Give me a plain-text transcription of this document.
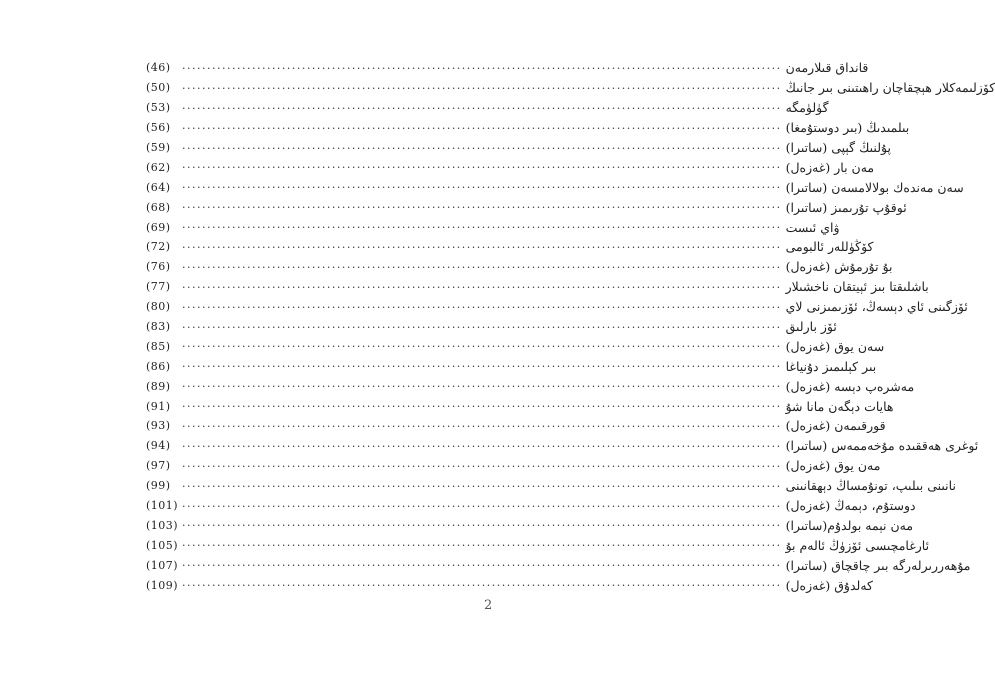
(46)	........................................................................................................................ قانداق قىلارمەن
(50)	........................................................................................................................ كۆزلىمەكلار ھېچقاچان راھىتىنى بىر جانىڭ
(53)	........................................................................................................................ گۈلۈمگە
(56)	........................................................................................................................ بىلمىدىڭ (بىر دوستۇمغا)
(59)	........................................................................................................................ پۇلنىڭ گېپى (ساتىرا)
(62)	........................................................................................................................ مەن بار (غەزەل)
(64)	........................................................................................................................ سەن مەندەك بولالامسەن (ساتىرا)
(68)	........................................................................................................................ ئوقۇپ تۇرىمىز (ساتىرا)
(69)	........................................................................................................................ ۋاي ئىست
(72)	........................................................................................................................ كۆڭۈللەر ئالبومى
(76)	........................................................................................................................ بۇ تۇرمۇش (غەزەل)
(77)	........................................................................................................................ باشلىقتا بىز ئېيتقان ناخشىلار
(80)	........................................................................................................................ ئۆزگىنى ئاي دېسەڭ، ئۆزىمىزنى لاي
(83)	........................................................................................................................ ئۆز بارلىق
(85)	........................................................................................................................ سەن يوق (غەزەل)
(86)	........................................................................................................................ بىر كېلىمىز دۇنياغا
(89)	........................................................................................................................ مەشرەپ دېسە (غەزەل)
(91)	........................................................................................................................ ھايات دېگەن مانا شۇ
(93)	........................................................................................................................ قورقىمەن (غەزەل)
(94)	........................................................................................................................ ئوغرى ھەققىدە مۇخەممەس (ساتىرا)
(97)	........................................................................................................................ مەن يوق (غەزەل)
(99)	........................................................................................................................ نانىنى بىلىپ، تونۇمساڭ دېھقانىنى
(101) ........................................................................................................................ دوستۇم، دېمەڭ (غەزەل)
(103) ........................................................................................................................ مەن نېمە بولدۇم(ساتىرا)
(105) ........................................................................................................................ ئارغامچىسى ئۆزۈڭ ئالەم بۇ
(107) ........................................................................................................................ مۇھەررىرلەرگە بىر چاقچاق (ساتىرا)
(109) ........................................................................................................................ كەلدۇق (غەزەل)
2
